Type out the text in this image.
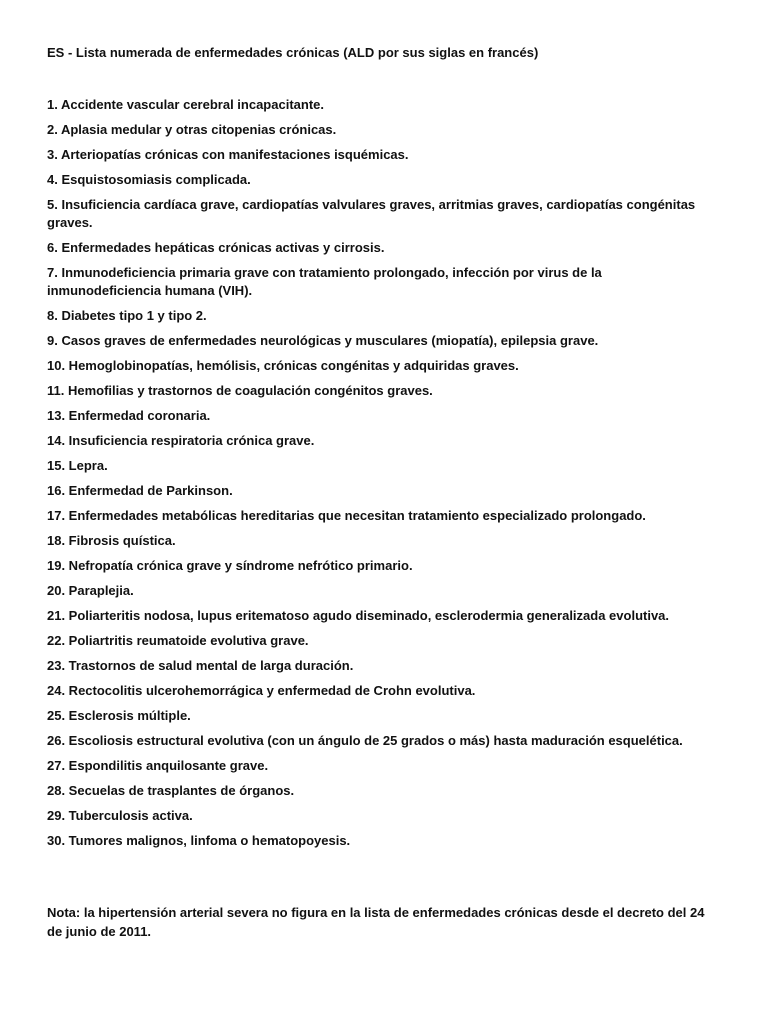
ES - Lista numerada de enfermedades crónicas (ALD por sus siglas en francés)

1. Accidente vascular cerebral incapacitante.
2. Aplasia medular y otras citopenias crónicas.
3. Arteriopatías crónicas con manifestaciones isquémicas.
4. Esquistosomiasis complicada.
5. Insuficiencia cardíaca grave, cardiopatías valvulares graves, arritmias graves, cardiopatías congénitas graves.
6. Enfermedades hepáticas crónicas activas y cirrosis.
7. Inmunodeficiencia primaria grave con tratamiento prolongado, infección por virus de la inmunodeficiencia humana (VIH).
8. Diabetes tipo 1 y tipo 2.
9. Casos graves de enfermedades neurológicas y musculares (miopatía), epilepsia grave.
10. Hemoglobinopatías, hemólisis, crónicas congénitas y adquiridas graves.
11. Hemofilias y trastornos de coagulación congénitos graves.
13. Enfermedad coronaria.
14. Insuficiencia respiratoria crónica grave.
15. Lepra.
16. Enfermedad de Parkinson.
17. Enfermedades metabólicas hereditarias que necesitan tratamiento especializado prolongado.
18. Fibrosis quística.
19. Nefropatía crónica grave y síndrome nefrótico primario.
20. Paraplejia.
21. Poliarteritis nodosa, lupus eritematoso agudo diseminado, esclerodermia generalizada evolutiva.
22. Poliartritis reumatoide evolutiva grave.
23. Trastornos de salud mental de larga duración.
24. Rectocolitis ulcerohemorrágica y enfermedad de Crohn evolutiva.
25. Esclerosis múltiple.
26. Escoliosis estructural evolutiva (con un ángulo de 25 grados o más) hasta maduración esquelética.
27. Espondilitis anquilosante grave.
28. Secuelas de trasplantes de órganos.
29. Tuberculosis activa.
30. Tumores malignos, linfoma o hematopoyesis.

Nota: la hipertensión arterial severa no figura en la lista de enfermedades crónicas desde el decreto del 24 de junio de 2011.
